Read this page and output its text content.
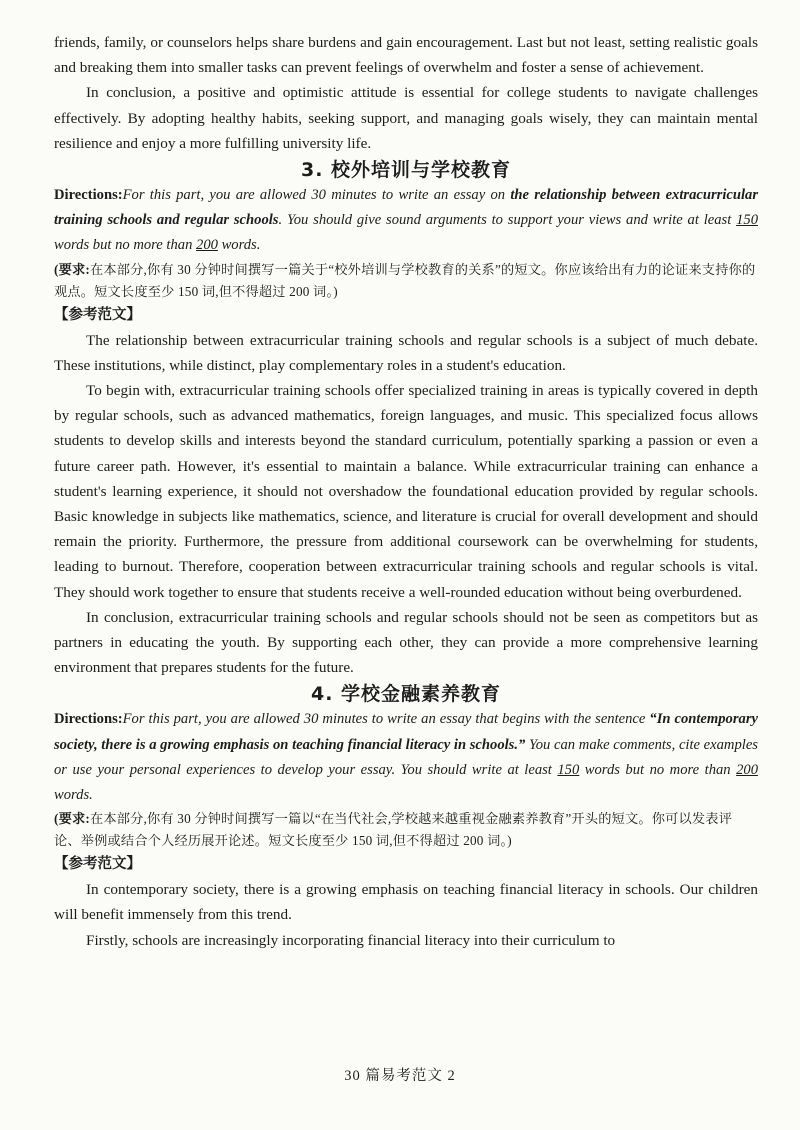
friends, family, or counselors helps share burdens and gain encouragement. Last but not least, setting realistic goals and breaking them into smaller tasks can prevent feelings of overwhelm and foster a sense of achievement.

In conclusion, a positive and optimistic attitude is essential for college students to navigate challenges effectively. By adopting healthy habits, seeking support, and managing goals wisely, they can maintain mental resilience and enjoy a more fulfilling university life.

3. 校外培训与学校教育

Directions:For this part, you are allowed 30 minutes to write an essay on the relationship between extracurricular training schools and regular schools. You should give sound arguments to support your views and write at least 150 words but no more than 200 words.

(要求:在本部分,你有 30 分钟时间撰写一篇关于“校外培训与学校教育的关系”的短文。你应该给出有力的论证来支持你的观点。短文长度至少 150 词,但不得超过 200 词。)

【参考范文】

The relationship between extracurricular training schools and regular schools is a subject of much debate. These institutions, while distinct, play complementary roles in a student's education.

To begin with, extracurricular training schools offer specialized training in areas is typically covered in depth by regular schools, such as advanced mathematics, foreign languages, and music. This specialized focus allows students to develop skills and interests beyond the standard curriculum, potentially sparking a passion or even a future career path. However, it's essential to maintain a balance. While extracurricular training can enhance a student's learning experience, it should not overshadow the foundational education provided by regular schools. Basic knowledge in subjects like mathematics, science, and literature is crucial for overall development and should remain the priority. Furthermore, the pressure from additional coursework can be overwhelming for students, leading to burnout. Therefore, cooperation between extracurricular training schools and regular schools is vital. They should work together to ensure that students receive a well-rounded education without being overburdened.

In conclusion, extracurricular training schools and regular schools should not be seen as competitors but as partners in educating the youth. By supporting each other, they can provide a more comprehensive learning environment that prepares students for the future.

4. 学校金融素养教育

Directions:For this part, you are allowed 30 minutes to write an essay that begins with the sentence “In contemporary society, there is a growing emphasis on teaching financial literacy in schools.” You can make comments, cite examples or use your personal experiences to develop your essay. You should write at least 150 words but no more than 200 words.

(要求:在本部分,你有 30 分钟时间撰写一篇以“在当代社会,学校越来越重视金融素养教育”开头的短文。你可以发表评论、举例或结合个人经历展开论述。短文长度至少 150 词,但不得超过 200 词。)

【参考范文】

In contemporary society, there is a growing emphasis on teaching financial literacy in schools. Our children will benefit immensely from this trend.

Firstly, schools are increasingly incorporating financial literacy into their curriculum to

30 篇易考范文 2
